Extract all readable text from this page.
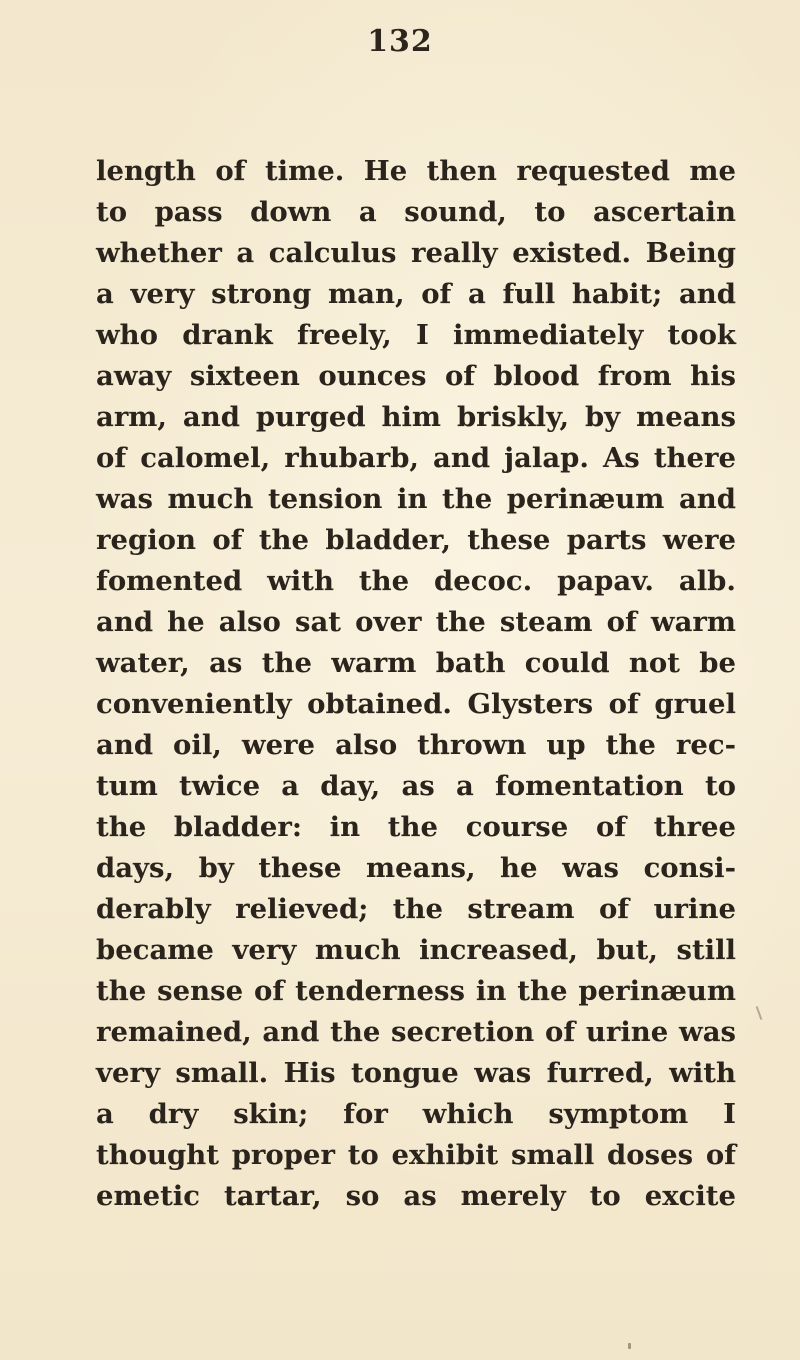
132
length of time. He then requested me
to pass down a sound, to ascertain
whether a calculus really existed. Being
a very strong man, of a full habit; and
who drank freely, I immediately took
away sixteen ounces of blood from his
arm, and purged him briskly, by means
of calomel, rhubarb, and jalap. As there
was much tension in the perinæum and
region of the bladder, these parts were
fomented with the decoc. papav. alb.
and he also sat over the steam of warm
water, as the warm bath could not be
conveniently obtained. Glysters of gruel
and oil, were also thrown up the rec-
tum twice a day, as a fomentation to
the bladder: in the course of three
days, by these means, he was consi-
derably relieved; the stream of urine
became very much increased, but, still
the sense of tenderness in the perinæum
remained, and the secretion of urine was
very small. His tongue was furred, with
a dry skin; for which symptom I
thought proper to exhibit small doses of
emetic tartar, so as merely to excite
